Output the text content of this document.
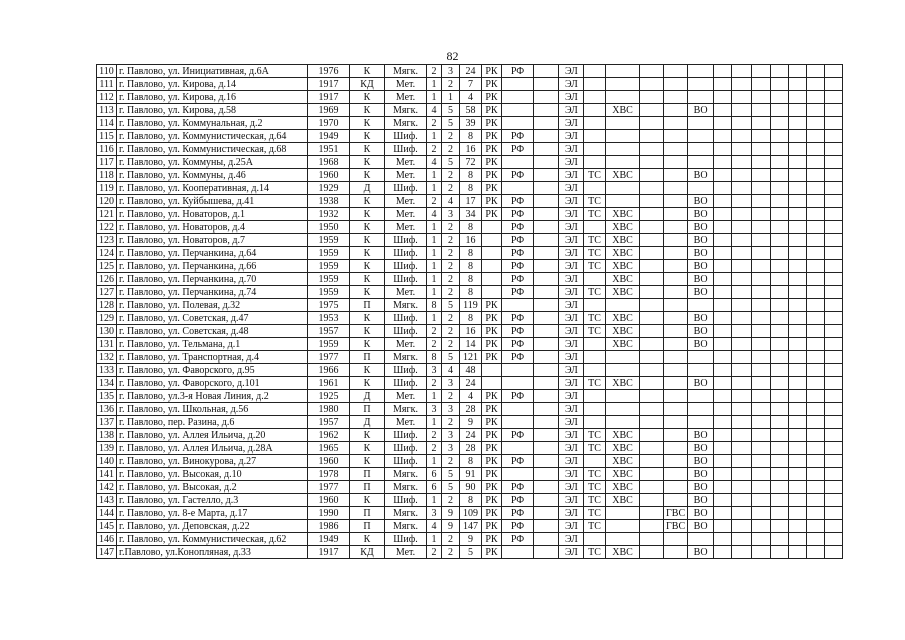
82
110	г. Павлово, ул. Инициативная, д.6А	1976	К	Мягк.	2	3	24	РК	РФ		ЭЛ												
111	г. Павлово, ул. Кирова, д.14	1917	КД	Мет.	1	2	7	РК			ЭЛ												
112	г. Павлово, ул. Кирова, д.16	1917	К	Мет.	1	1	4	РК			ЭЛ												
113	г. Павлово, ул. Кирова, д.58	1969	К	Мягк.	4	5	58	РК			ЭЛ		ХВС			ВО							
114	г. Павлово, ул. Коммунальная, д.2	1970	К	Мягк.	2	5	39	РК			ЭЛ												
115	г. Павлово, ул. Коммунистическая, д.64	1949	К	Шиф.	1	2	8	РК	РФ		ЭЛ												
116	г. Павлово, ул. Коммунистическая, д.68	1951	К	Шиф.	2	2	16	РК	РФ		ЭЛ												
117	г. Павлово, ул. Коммуны, д.25А	1968	К	Мет.	4	5	72	РК			ЭЛ												
118	г. Павлово, ул. Коммуны, д.46	1960	К	Мет.	1	2	8	РК	РФ		ЭЛ	ТС	ХВС			ВО							
119	г. Павлово, ул. Кооперативная, д.14	1929	Д	Шиф.	1	2	8	РК			ЭЛ												
120	г. Павлово, ул. Куйбышева, д.41	1938	К	Мет.	2	4	17	РК	РФ		ЭЛ	ТС				ВО							
121	г. Павлово, ул. Новаторов, д.1	1932	К	Мет.	4	3	34	РК	РФ		ЭЛ	ТС	ХВС			ВО							
122	г. Павлово, ул. Новаторов, д.4	1950	К	Мет.	1	2	8		РФ		ЭЛ		ХВС			ВО							
123	г. Павлово, ул. Новаторов, д.7	1959	К	Шиф.	1	2	16		РФ		ЭЛ	ТС	ХВС			ВО							
124	г. Павлово, ул. Перчанкина, д.64	1959	К	Шиф.	1	2	8		РФ		ЭЛ	ТС	ХВС			ВО							
125	г. Павлово, ул. Перчанкина, д.66	1959	К	Шиф.	1	2	8		РФ		ЭЛ	ТС	ХВС			ВО							
126	г. Павлово, ул. Перчанкина, д.70	1959	К	Шиф.	1	2	8		РФ		ЭЛ		ХВС			ВО							
127	г. Павлово, ул. Перчанкина, д.74	1959	К	Мет.	1	2	8		РФ		ЭЛ	ТС	ХВС			ВО							
128	г. Павлово, ул. Полевая, д.32	1975	П	Мягк.	8	5	119	РК			ЭЛ												
129	г. Павлово, ул. Советская, д.47	1953	К	Шиф.	1	2	8	РК	РФ		ЭЛ	ТС	ХВС			ВО							
130	г. Павлово, ул. Советская, д.48	1957	К	Шиф.	2	2	16	РК	РФ		ЭЛ	ТС	ХВС			ВО							
131	г. Павлово, ул. Тельмана, д.1	1959	К	Мет.	2	2	14	РК	РФ		ЭЛ		ХВС			ВО							
132	г. Павлово, ул. Транспортная, д.4	1977	П	Мягк.	8	5	121	РК	РФ		ЭЛ												
133	г. Павлово, ул. Фаворского, д.95	1966	К	Шиф.	3	4	48				ЭЛ												
134	г. Павлово, ул. Фаворского, д.101	1961	К	Шиф.	2	3	24				ЭЛ	ТС	ХВС			ВО							
135	г. Павлово, ул.3-я Новая Линия, д.2	1925	Д	Мет.	1	2	4	РК	РФ		ЭЛ												
136	г. Павлово, ул. Школьная, д.56	1980	П	Мягк.	3	3	28	РК			ЭЛ												
137	г. Павлово, пер. Разина, д.6	1957	Д	Мет.	1	2	9	РК			ЭЛ												
138	г. Павлово, ул. Аллея Ильича, д.20	1962	К	Шиф.	2	3	24	РК	РФ		ЭЛ	ТС	ХВС			ВО							
139	г. Павлово, ул. Аллея Ильича, д.28А	1965	К	Шиф.	2	3	28	РК			ЭЛ	ТС	ХВС			ВО							
140	г. Павлово, ул. Винокурова, д.27	1960	К	Шиф.	1	2	8	РК	РФ		ЭЛ		ХВС			ВО							
141	г. Павлово, ул. Высокая, д.10	1978	П	Мягк.	6	5	91	РК			ЭЛ	ТС	ХВС			ВО							
142	г. Павлово, ул. Высокая, д.2	1977	П	Мягк.	6	5	90	РК	РФ		ЭЛ	ТС	ХВС			ВО							
143	г. Павлово, ул. Гастелло, д.3	1960	К	Шиф.	1	2	8	РК	РФ		ЭЛ	ТС	ХВС			ВО							
144	г. Павлово, ул. 8-е Марта, д.17	1990	П	Мягк.	3	9	109	РК	РФ		ЭЛ	ТС			ГВС	ВО							
145	г. Павлово, ул. Деповская, д.22	1986	П	Мягк.	4	9	147	РК	РФ		ЭЛ	ТС			ГВС	ВО							
146	г. Павлово, ул. Коммунистическая, д.62	1949	К	Шиф.	1	2	9	РК	РФ		ЭЛ												
147	г.Павлово, ул.Конопляная, д.33	1917	КД	Мет.	2	2	5	РК			ЭЛ	ТС	ХВС			ВО							
